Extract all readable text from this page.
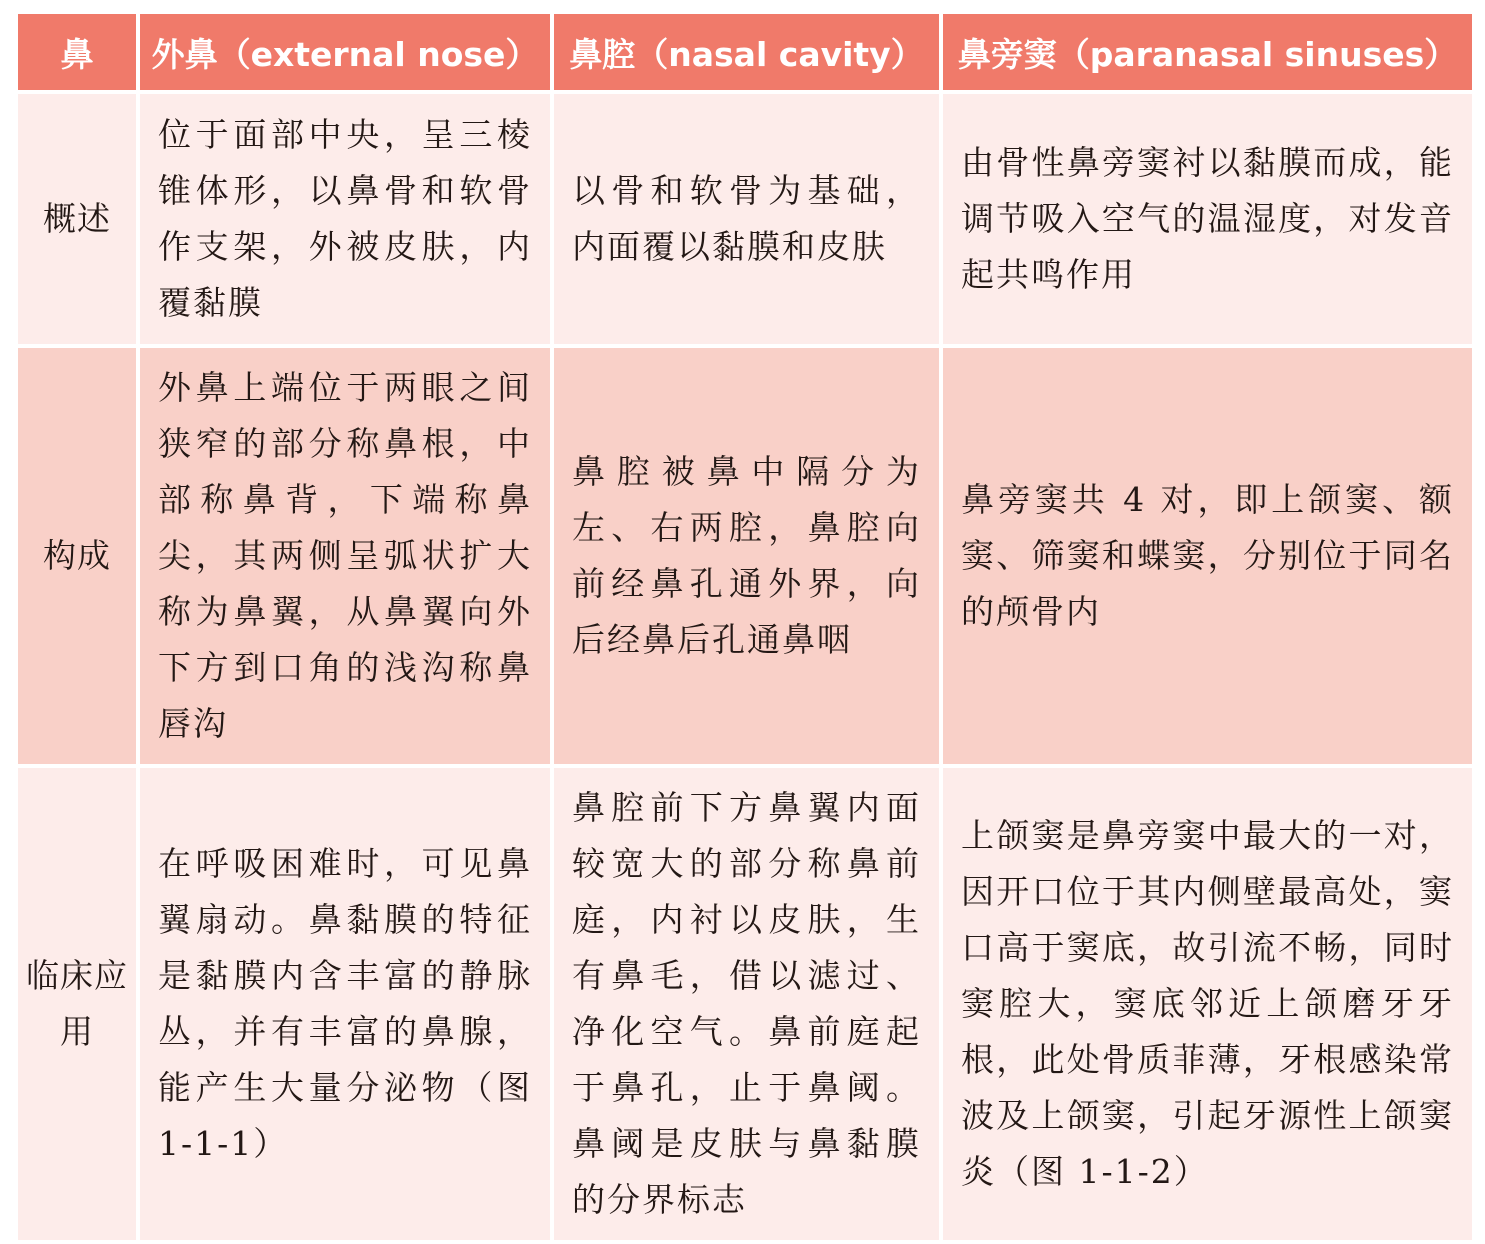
鼻	外鼻（external nose）	鼻腔（nasal cavity）	鼻旁窦（paranasal sinuses）
概述	位于面部中央，呈三棱锥体形，以鼻骨和软骨作支架，外被皮肤，内覆黏膜	以骨和软骨为基础，内面覆以黏膜和皮肤	由骨性鼻旁窦衬以黏膜而成，能调节吸入空气的温湿度，对发音起共鸣作用
构成	外鼻上端位于两眼之间狭窄的部分称鼻根，中部称鼻背，下端称鼻尖，其两侧呈弧状扩大称为鼻翼，从鼻翼向外下方到口角的浅沟称鼻唇沟	鼻腔被鼻中隔分为左、右两腔，鼻腔向前经鼻孔通外界，向后经鼻后孔通鼻咽	鼻旁窦共 4 对，即上颌窦、额窦、筛窦和蝶窦，分别位于同名的颅骨内
临床应用	在呼吸困难时，可见鼻翼扇动。鼻黏膜的特征是黏膜内含丰富的静脉丛，并有丰富的鼻腺，能产生大量分泌物（图 1-1-1）	鼻腔前下方鼻翼内面较宽大的部分称鼻前庭，内衬以皮肤，生有鼻毛，借以滤过、净化空气。鼻前庭起于鼻孔，止于鼻阈。鼻阈是皮肤与鼻黏膜的分界标志	上颌窦是鼻旁窦中最大的一对，因开口位于其内侧壁最高处，窦口高于窦底，故引流不畅，同时窦腔大，窦底邻近上颌磨牙牙根，此处骨质菲薄，牙根感染常波及上颌窦，引起牙源性上颌窦炎（图 1-1-2）
